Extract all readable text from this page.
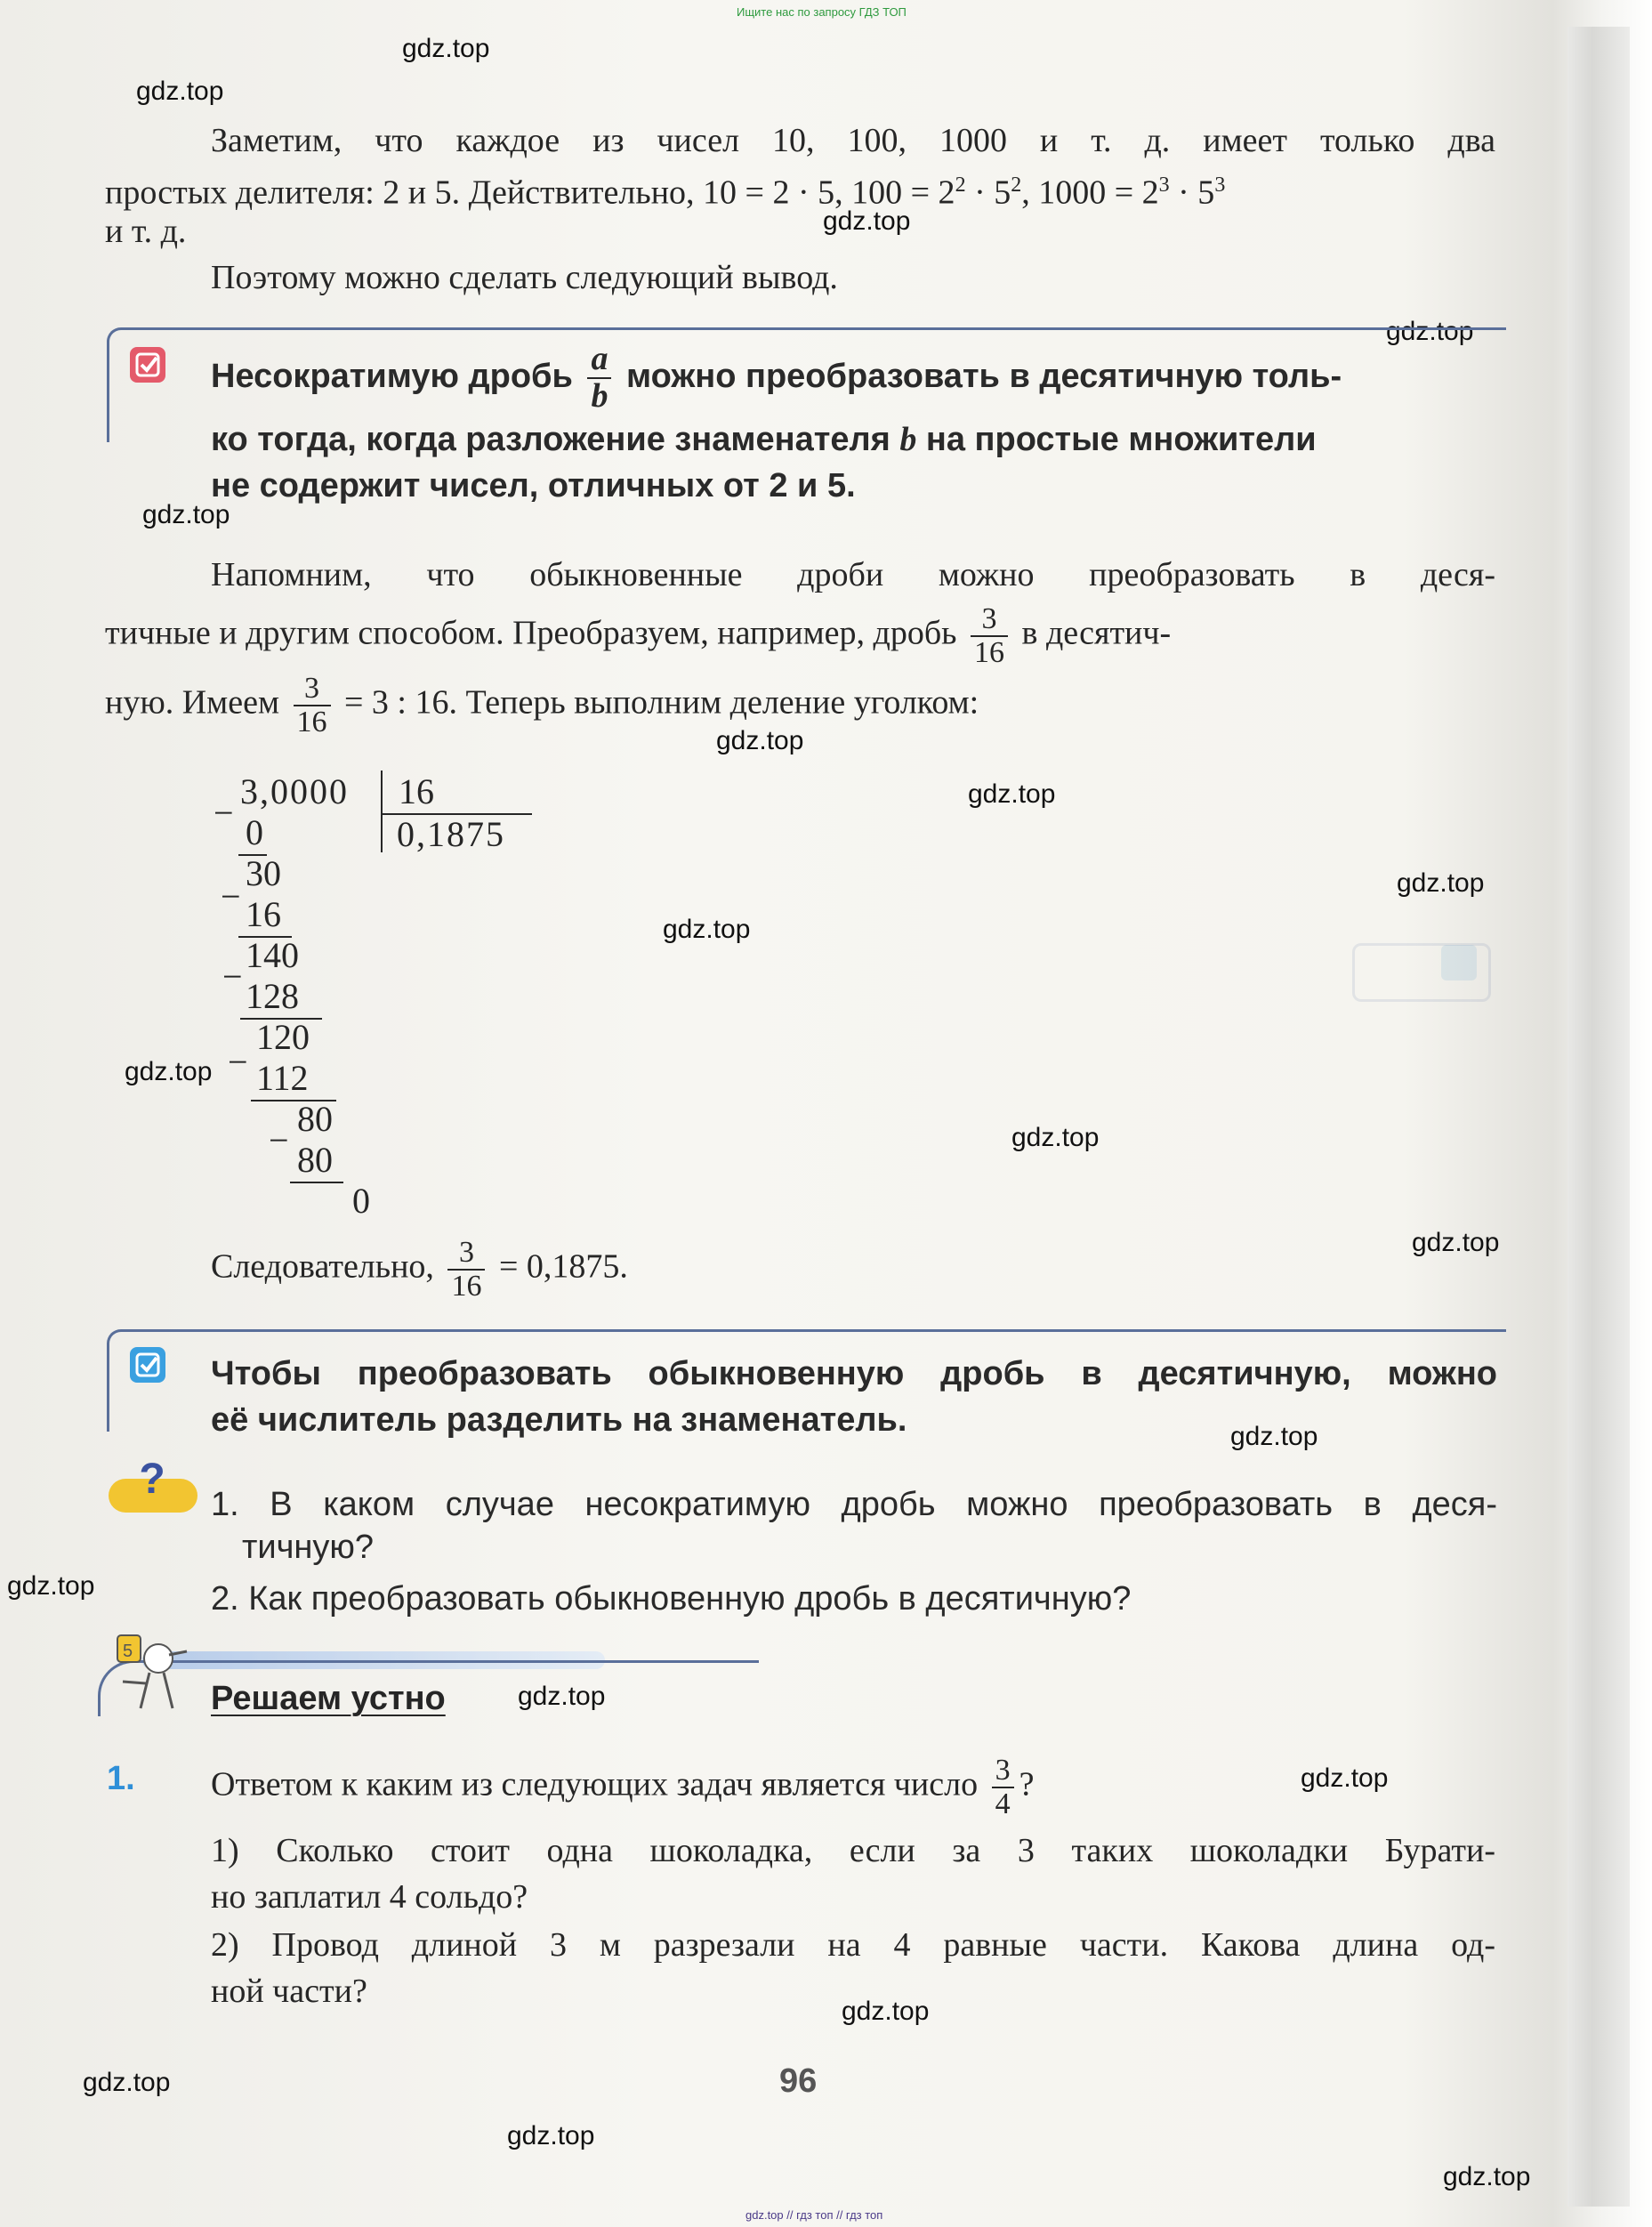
Ищите нас по запросу ГДЗ ТОП
gdz.top
gdz.top
gdz.top
gdz.top
gdz.top
gdz.top
gdz.top
gdz.top
gdz.top
gdz.top
gdz.top
gdz.top
gdz.top
gdz.top
gdz.top
gdz.top
gdz.top
gdz.top
gdz.top
gdz.top
Заметим, что каждое из чисел 10, 100, 1000 и т. д. имеет только два
простых делителя: 2 и 5. Действительно, 10 = 2 · 5, $100 = 2^2 \cdot 5^2$, $1000 = 2^3 \cdot 5^3$
и т. д.
Поэтому можно сделать следующий вывод.
Несократимую дробь $\frac{a}{b}$ можно преобразовать в десятичную толь-
ко тогда, когда разложение знаменателя b на простые множители
не содержит чисел, отличных от 2 и 5.
Напомним, что обыкновенные дроби можно преобразовать в деся-
тичные и другим способом. Преобразуем, например, дробь $\frac{3}{16}$ в десятич-
ную. Имеем $\frac{3}{16} = 3$ : 16. Теперь выполним деление уголком:
−
3,0000 16
0,1875
0
−
30
16
−
140
128
−
120
112
−
80
80
0
Следовательно, $\frac{3}{16} = 0,1875$.
Чтобы преобразовать обыкновенную дробь в десятичную, можно
её числитель разделить на знаменатель.
?
1. В каком случае несократимую дробь можно преобразовать в деся-
тичную?
2. Как преобразовать обыкновенную дробь в десятичную?
5
Решаем устно
1. Ответом к каким из следующих задач является число $\frac{3}{4}$ ?
1) Сколько стоит одна шоколадка, если за 3 таких шоколадки Бурати-
но заплатил 4 сольдо?
2) Провод длиной 3 м разрезали на 4 равные части. Какова длина од-
ной части?
96
gdz.top // гдз топ // гдз топ
